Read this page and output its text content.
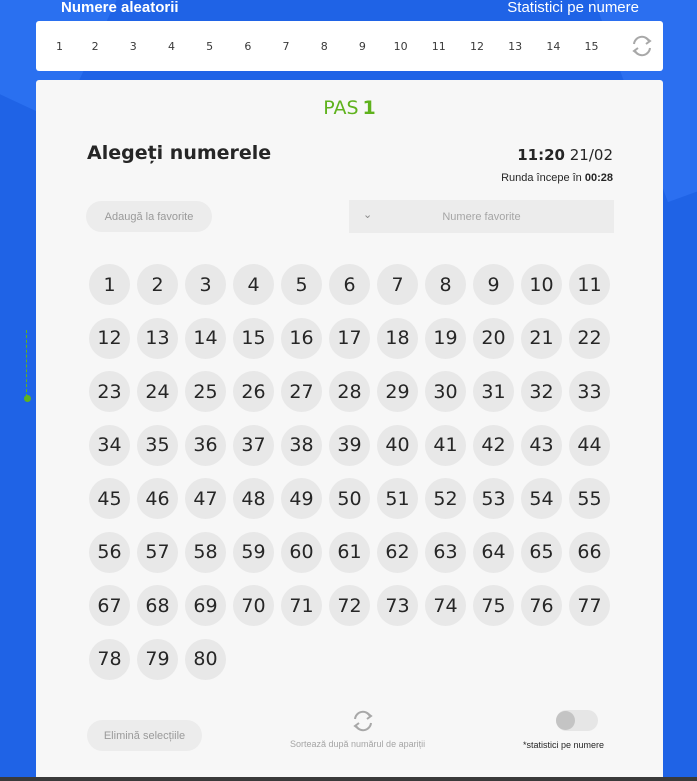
Numere aleatorii	Statistici pe numere
1	2	3	4	5	6	7	8	9	10	11	12	13	14	15
PAS 1
Alegeți numerele	11:20 21/02
Runda începe în 00:28
Adaugă la favorite	⌄	Numere favorite
1	2	3	4	5	6	7	8	9	10	11
12	13	14	15	16	17	18	19	20	21	22
23	24	25	26	27	28	29	30	31	32	33
34	35	36	37	38	39	40	41	42	43	44
45	46	47	48	49	50	51	52	53	54	55
56	57	58	59	60	61	62	63	64	65	66
67	68	69	70	71	72	73	74	75	76	77
78	79	80
Elimină selecțiile
Sortează după numărul de apariții	*statistici pe numere
